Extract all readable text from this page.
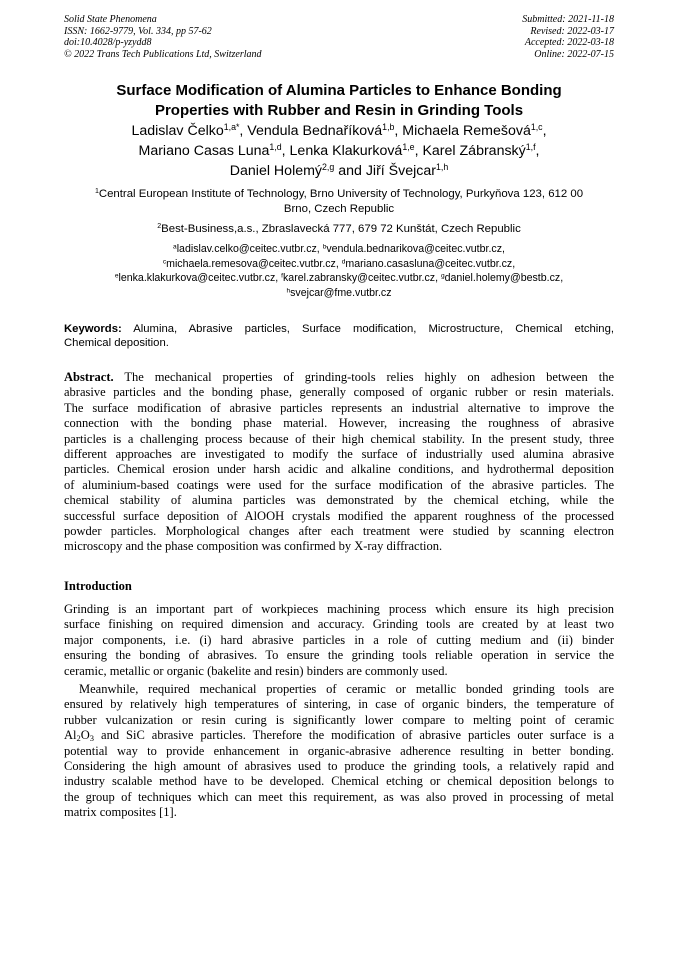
Solid State Phenomena
ISSN: 1662-9779, Vol. 334, pp 57-62
doi:10.4028/p-yzydd8
© 2022 Trans Tech Publications Ltd, Switzerland
Submitted: 2021-11-18
Revised: 2022-03-17
Accepted: 2022-03-18
Online: 2022-07-15
Surface Modification of Alumina Particles to Enhance Bonding
Properties with Rubber and Resin in Grinding Tools
Ladislav Čelko$^{1,a*}$, Vendula Bednaříková$^{1,b}$, Michaela Remešová$^{1,c}$,
Mariano Casas Luna$^{1,d}$, Lenka Klakurková$^{1,e}$, Karel Zábranský$^{1,f}$,
Daniel Holemý$^{2,g}$ and Jiří Švejcar$^{1,h}$
$^1$Central European Institute of Technology, Brno University of Technology, Purkyňova 123, 612 00
Brno, Czech Republic
$^2$Best-Business,a.s., Zbraslavecká 777, 679 72 Kunštát, Czech Republic
$^a$ladislav.celko@ceitec.vutbr.cz, $^b$vendula.bednarikova@ceitec.vutbr.cz,
$^c$michaela.remesova@ceitec.vutbr.cz, $^d$mariano.casasluna@ceitec.vutbr.cz,
$^e$lenka.klakurkova@ceitec.vutbr.cz, $^f$karel.zabransky@ceitec.vutbr.cz, $^g$daniel.holemy@bestb.cz,
$^h$svejcar@fme.vutbr.cz
Keywords: Alumina, Abrasive particles, Surface modification, Microstructure, Chemical etching,
Chemical deposition.
Abstract. The mechanical properties of grinding-tools relies highly on adhesion between the
abrasive particles and the bonding phase, generally composed of organic rubber or resin materials.
The surface modification of abrasive particles represents an industrial alternative to improve the
connection with the bonding phase material. However, increasing the roughness of abrasive
particles is a challenging process because of their high chemical stability. In the present study, three
different approaches are investigated to modify the surface of industrially used alumina abrasive
particles. Chemical erosion under harsh acidic and alkaline conditions, and hydrothermal deposition
of aluminium-based coatings were used for the surface modification of the abrasive particles. The
chemical stability of alumina particles was demonstrated by the chemical etching, while the
successful surface deposition of AlOOH crystals modified the apparent roughness of the processed
powder particles. Morphological changes after each treatment were studied by scanning electron
microscopy and the phase composition was confirmed by X-ray diffraction.
Introduction
Grinding is an important part of workpieces machining process which ensure its high precision
surface finishing on required dimension and accuracy. Grinding tools are created by at least two
major components, i.e. (i) hard abrasive particles in a role of cutting medium and (ii) binder
ensuring the bonding of abrasives. To ensure the grinding tools reliable operation in service the
ceramic, metallic or organic (bakelite and resin) binders are commonly used.
Meanwhile, required mechanical properties of ceramic or metallic bonded grinding tools are
ensured by relatively high temperatures of sintering, in case of organic binders, the temperature of
rubber vulcanization or resin curing is significantly lower compare to melting point of ceramic
$Al_2O_3$ and SiC abrasive particles. Therefore the modification of abrasive particles outer surface is a
potential way to provide enhancement in organic-abrasive adherence resulting in better bonding.
Considering the high amount of abrasives used to produce the grinding tools, a relatively rapid and
industry scalable method have to be developed. Chemical etching or chemical deposition belongs to
the group of techniques which can meet this requirement, as was also proved in processing of metal
matrix composites [1].
